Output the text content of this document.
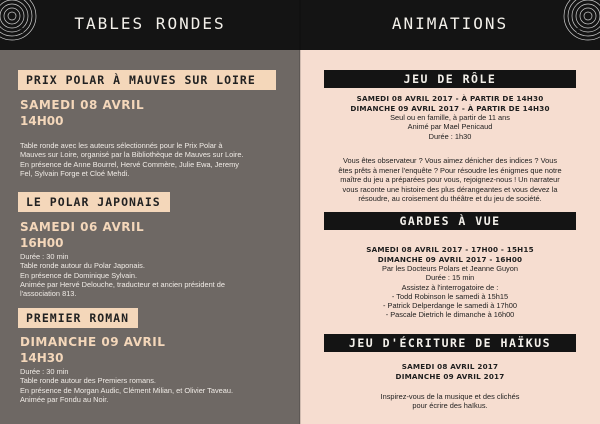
TABLES RONDES
8
PRIX POLAR À MAUVES SUR LOIRE
SAMEDI 08 AVRIL
14H00
Table ronde avec les auteurs sélectionnés pour le Prix Polar à
Mauves sur Loire, organisé par la Bibliothèque de Mauves sur Loire.
En présence de Anne Bourrel, Hervé Commère, Julie Ewa, Jeremy
Fel, Sylvain Forge et Cloé Mehdi.
LE POLAR JAPONAIS
SAMEDI 06 AVRIL
16H00
Durée : 30 min
Table ronde autour du Polar Japonais.
En présence de Dominique Sylvain.
Animée par Hervé Delouche, traducteur et ancien président de
l'association 813.
PREMIER ROMAN
DIMANCHE 09 AVRIL
14H30
Durée : 30 min
Table ronde autour des Premiers romans.
En présence de Morgan Audic, Clément Milian, et Olivier Taveau.
Animée par Fondu au Noir.
ANIMATIONS	9
JEU DE RÔLE
SAMEDI 08 AVRIL 2017 - À PARTIR DE 14H30
DIMANCHE 09 AVRIL 2017 - À PARTIR DE 14H30
Seul ou en famille, à partir de 11 ans
Animé par Mael Penicaud
Durée : 1h30
Vous êtes observateur ? Vous aimez dénicher des indices ? Vous
êtes prêts à mener l'enquête ? Pour résoudre les énigmes que notre
maître du jeu a préparées pour vous, rejoignez-nous ! Un narrateur
vous raconte une histoire des plus dérangeantes et vous devez la
résoudre, au croisement du théâtre et du jeu de société.
GARDES À VUE
SAMEDI 08 AVRIL 2017 - 17H00 - 15H15
DIMANCHE 09 AVRIL 2017 - 16H00
Par les Docteurs Polars et Jeanne Guyon
Durée : 15 min
Assistez à l'interrogatoire de :
- Todd Robinson le samedi à 15h15
- Patrick Delperdange le samedi à 17h00
- Pascale Dietrich le dimanche à 16h00
JEU D'ÉCRITURE DE HAÏKUS
SAMEDI 08 AVRIL 2017
DIMANCHE 09 AVRIL 2017
Inspirez-vous de la musique et des clichés
pour écrire des haïkus.
